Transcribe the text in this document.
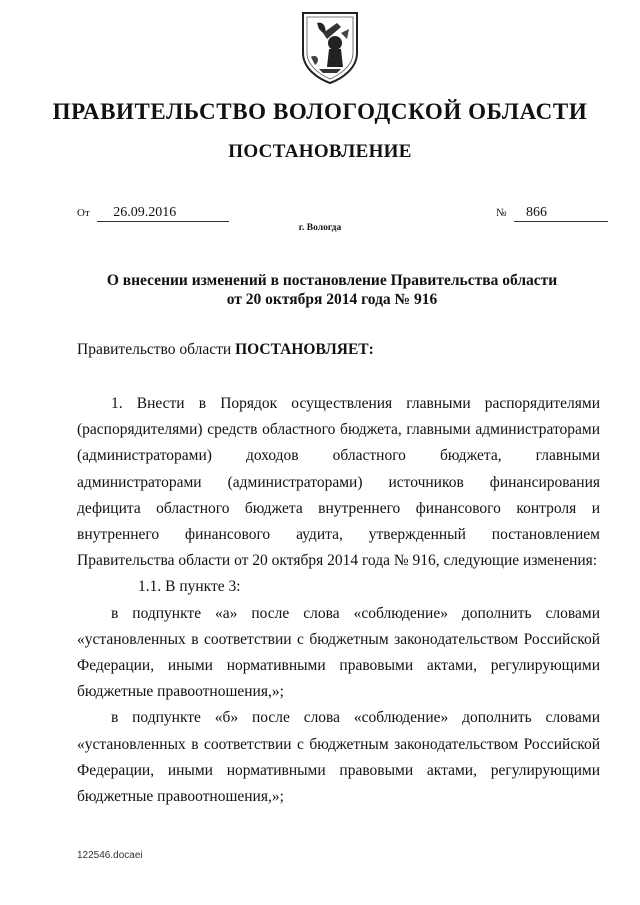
ПРАВИТЕЛЬСТВО ВОЛОГОДСКОЙ ОБЛАСТИ
ПОСТАНОВЛЕНИЕ
От 26.09.2016	№ 866
г. Вологда
О внесении изменений в постановление Правительства области
от 20 октября 2014 года № 916
Правительство области ПОСТАНОВЛЯЕТ:

1. Внести в Порядок осуществления главными распорядителями (распорядителями) средств областного бюджета, главными администраторами (администраторами) доходов областного бюджета, главными администраторами (администраторами) источников финансирования дефицита областного бюджета внутреннего финансового контроля и внутреннего финансового аудита, утвержденный постановлением Правительства области от 20 октября 2014 года № 916, следующие изменения:

1.1. В пункте 3:

в подпункте «а» после слова «соблюдение» дополнить словами «установленных в соответствии с бюджетным законодательством Российской Федерации, иными нормативными правовыми актами, регулирующими бюджетные правоотношения,»;

в подпункте «б» после слова «соблюдение» дополнить словами «установленных в соответствии с бюджетным законодательством Российской Федерации, иными нормативными правовыми актами, регулирующими бюджетные правоотношения,»;

122546.docaei
